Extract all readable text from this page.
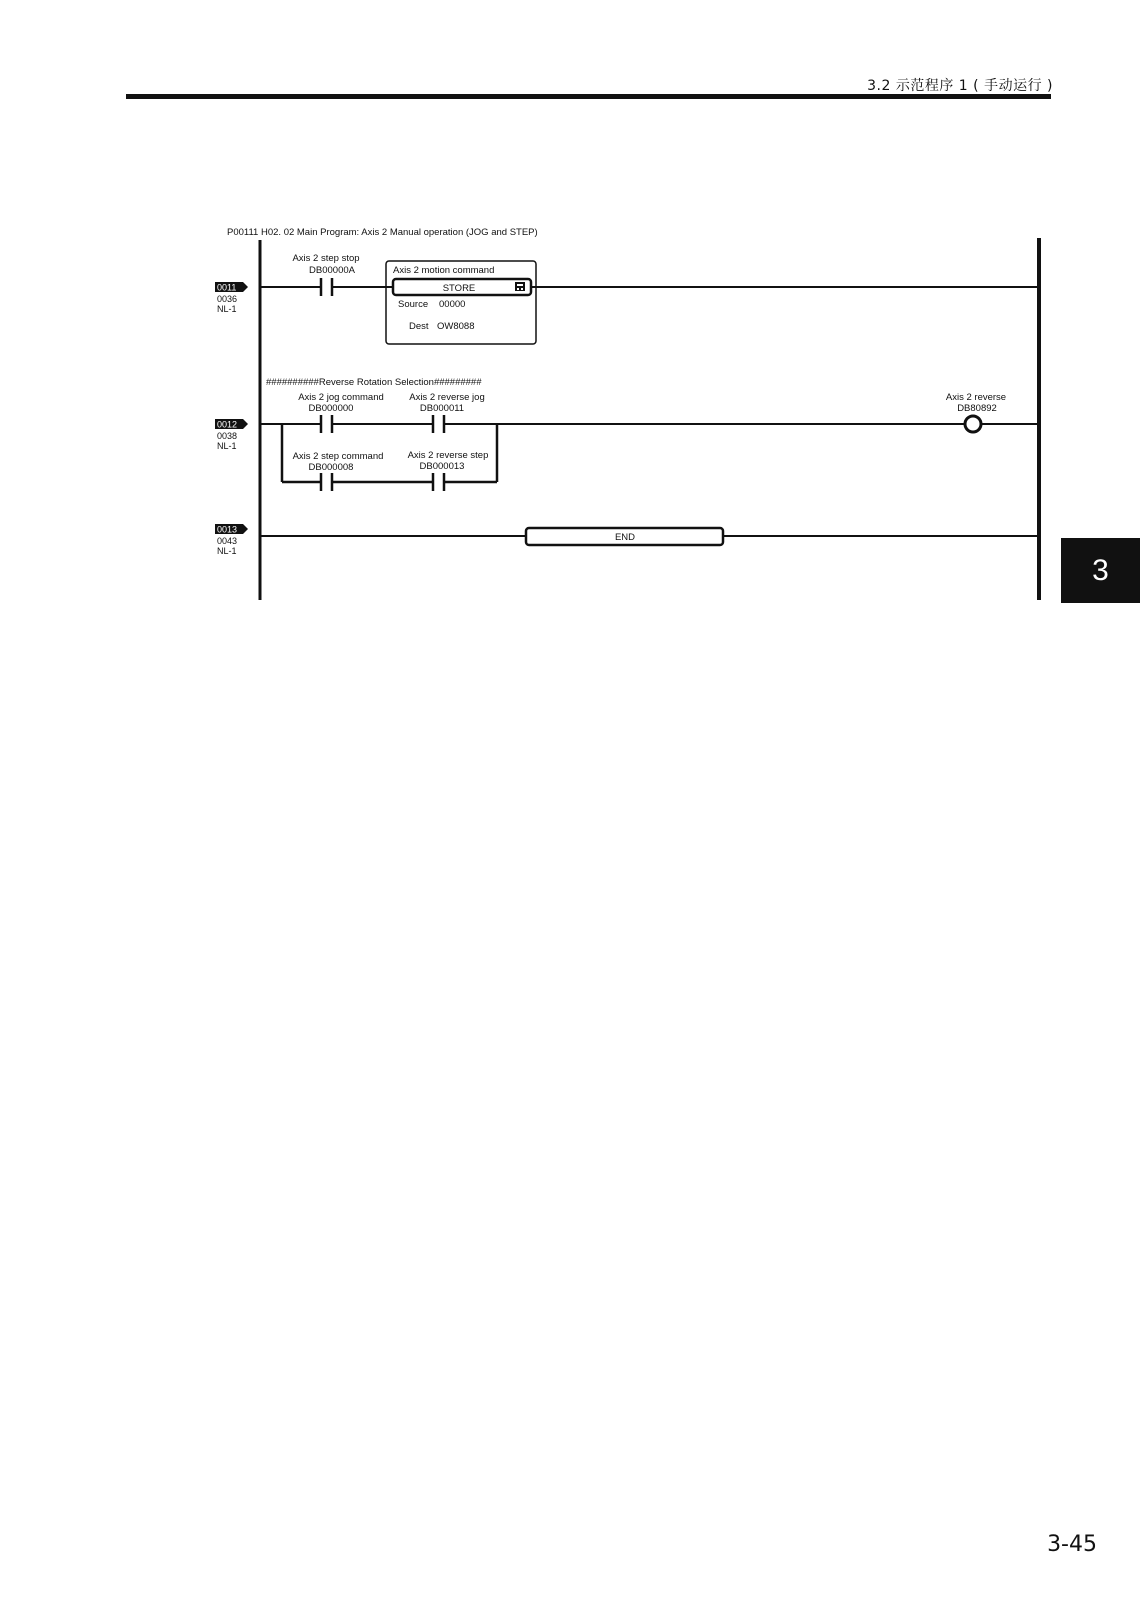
3.2 示范程序 1 ( 手动运行 )
P00111 H02. 02 Main Program: Axis 2 Manual operation (JOG and STEP)
0011
0036
NL-1
Axis 2 step stop
DB00000A	Axis 2 motion command
STORE
Source 00000
Dest OW8088
##########Reverse Rotation Selection#########
0012
0038
NL-1
Axis 2 jog command
DB000000
Axis 2 reverse jog
DB000011
Axis 2 step command
DB000008
Axis 2 reverse step
DB000013
Axis 2 reverse
DB80892
0013
0043
NL-1
END
3
3-45
